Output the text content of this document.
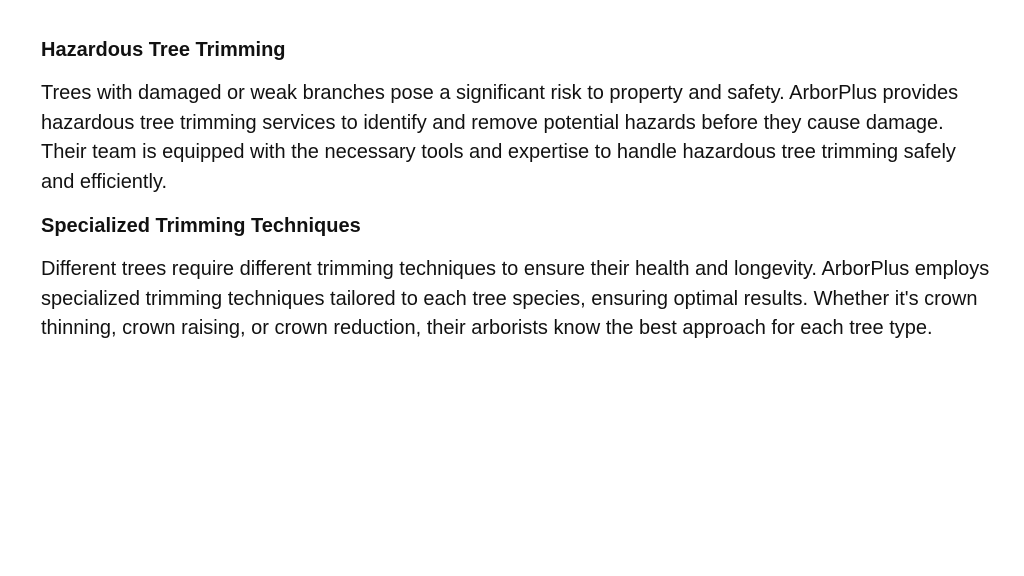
Hazardous Tree Trimming

Trees with damaged or weak branches pose a significant risk to property and safety. ArborPlus provides hazardous tree trimming services to identify and remove potential hazards before they cause damage. Their team is equipped with the necessary tools and expertise to handle hazardous tree trimming safely and efficiently.

Specialized Trimming Techniques

Different trees require different trimming techniques to ensure their health and longevity. ArborPlus employs specialized trimming techniques tailored to each tree species, ensuring optimal results. Whether it's crown thinning, crown raising, or crown reduction, their arborists know the best approach for each tree type.
